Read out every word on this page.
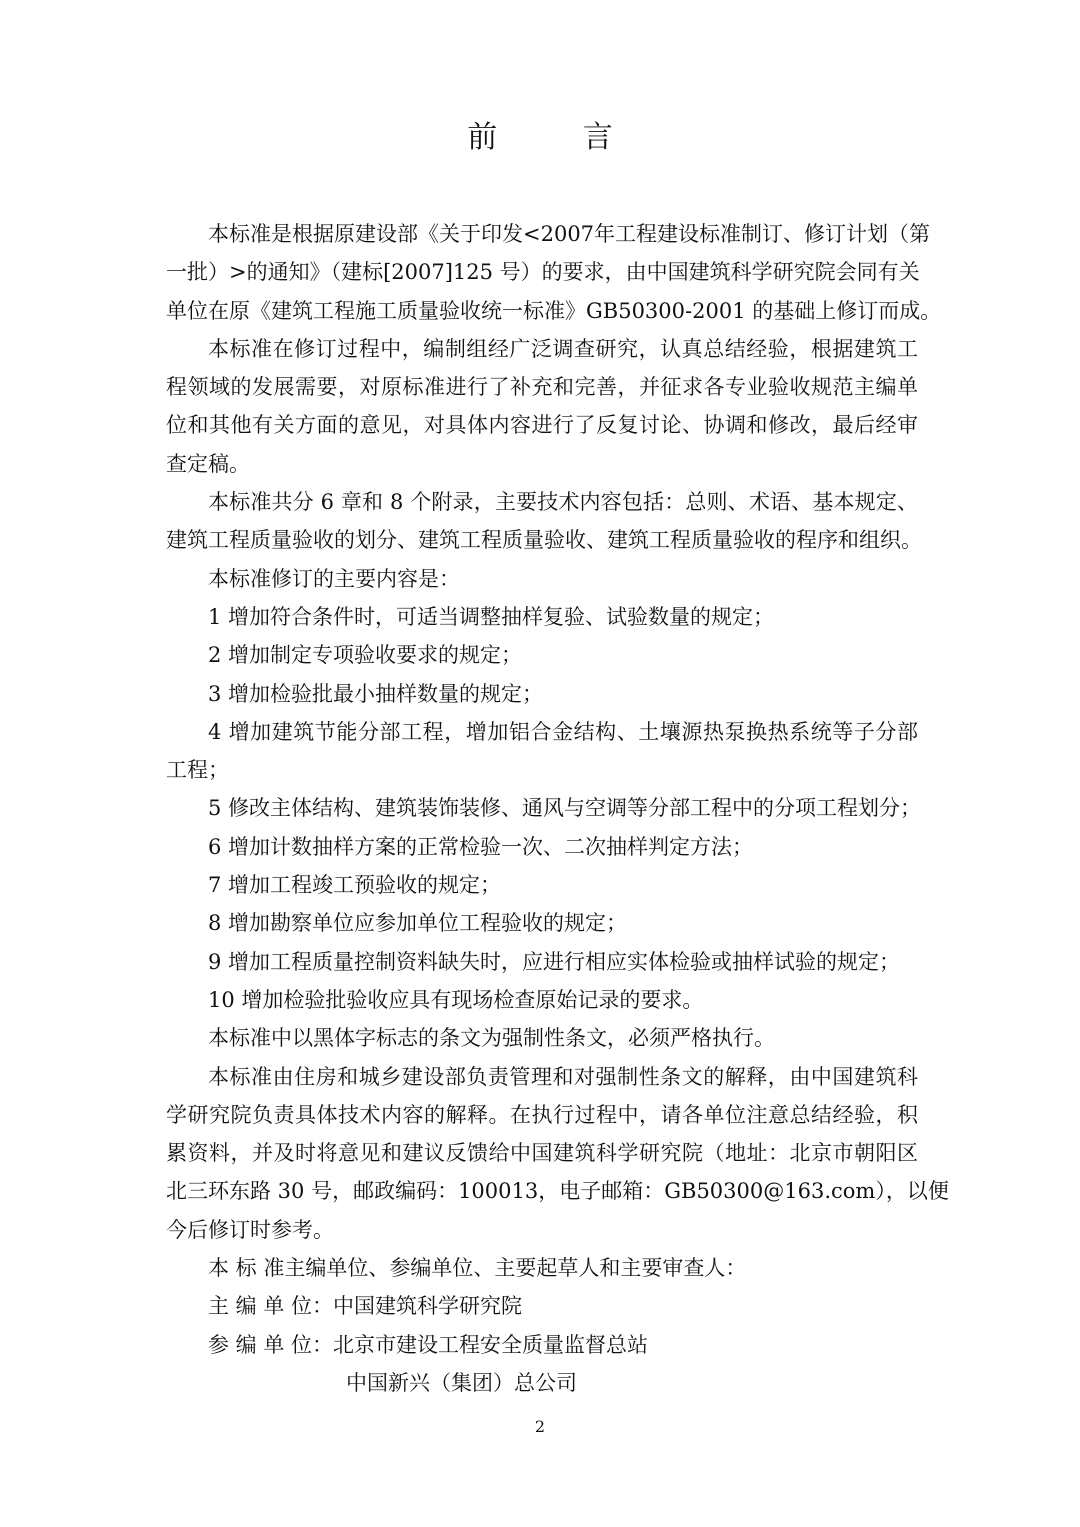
前 言
本标准是根据原建设部《关于印发<2007年工程建设标准制订、修订计划（第
一批）>的通知》（建标[2007]125 号）的要求，由中国建筑科学研究院会同有关
单位在原《建筑工程施工质量验收统一标准》GB50300-2001 的基础上修订而成。
本标准在修订过程中，编制组经广泛调查研究，认真总结经验，根据建筑工
程领域的发展需要，对原标准进行了补充和完善，并征求各专业验收规范主编单
位和其他有关方面的意见，对具体内容进行了反复讨论、协调和修改，最后经审
查定稿。
本标准共分 6 章和 8 个附录，主要技术内容包括：总则、术语、基本规定、
建筑工程质量验收的划分、建筑工程质量验收、建筑工程质量验收的程序和组织。
本标准修订的主要内容是：
1 增加符合条件时，可适当调整抽样复验、试验数量的规定；
2 增加制定专项验收要求的规定；
3 增加检验批最小抽样数量的规定；
4 增加建筑节能分部工程，增加铝合金结构、土壤源热泵换热系统等子分部
工程；
5 修改主体结构、建筑装饰装修、通风与空调等分部工程中的分项工程划分；
6 增加计数抽样方案的正常检验一次、二次抽样判定方法；
7 增加工程竣工预验收的规定；
8 增加勘察单位应参加单位工程验收的规定；
9 增加工程质量控制资料缺失时，应进行相应实体检验或抽样试验的规定；
10 增加检验批验收应具有现场检查原始记录的要求。
本标准中以黑体字标志的条文为强制性条文，必须严格执行。
本标准由住房和城乡建设部负责管理和对强制性条文的解释，由中国建筑科
学研究院负责具体技术内容的解释。在执行过程中，请各单位注意总结经验，积
累资料，并及时将意见和建议反馈给中国建筑科学研究院（地址：北京市朝阳区
北三环东路 30 号，邮政编码：100013，电子邮箱：GB50300@163.com），以便
今后修订时参考。
本 标 准主编单位、参编单位、主要起草人和主要审查人：
主 编 单 位：中国建筑科学研究院
参 编 单 位：北京市建设工程安全质量监督总站
中国新兴（集团）总公司
2
